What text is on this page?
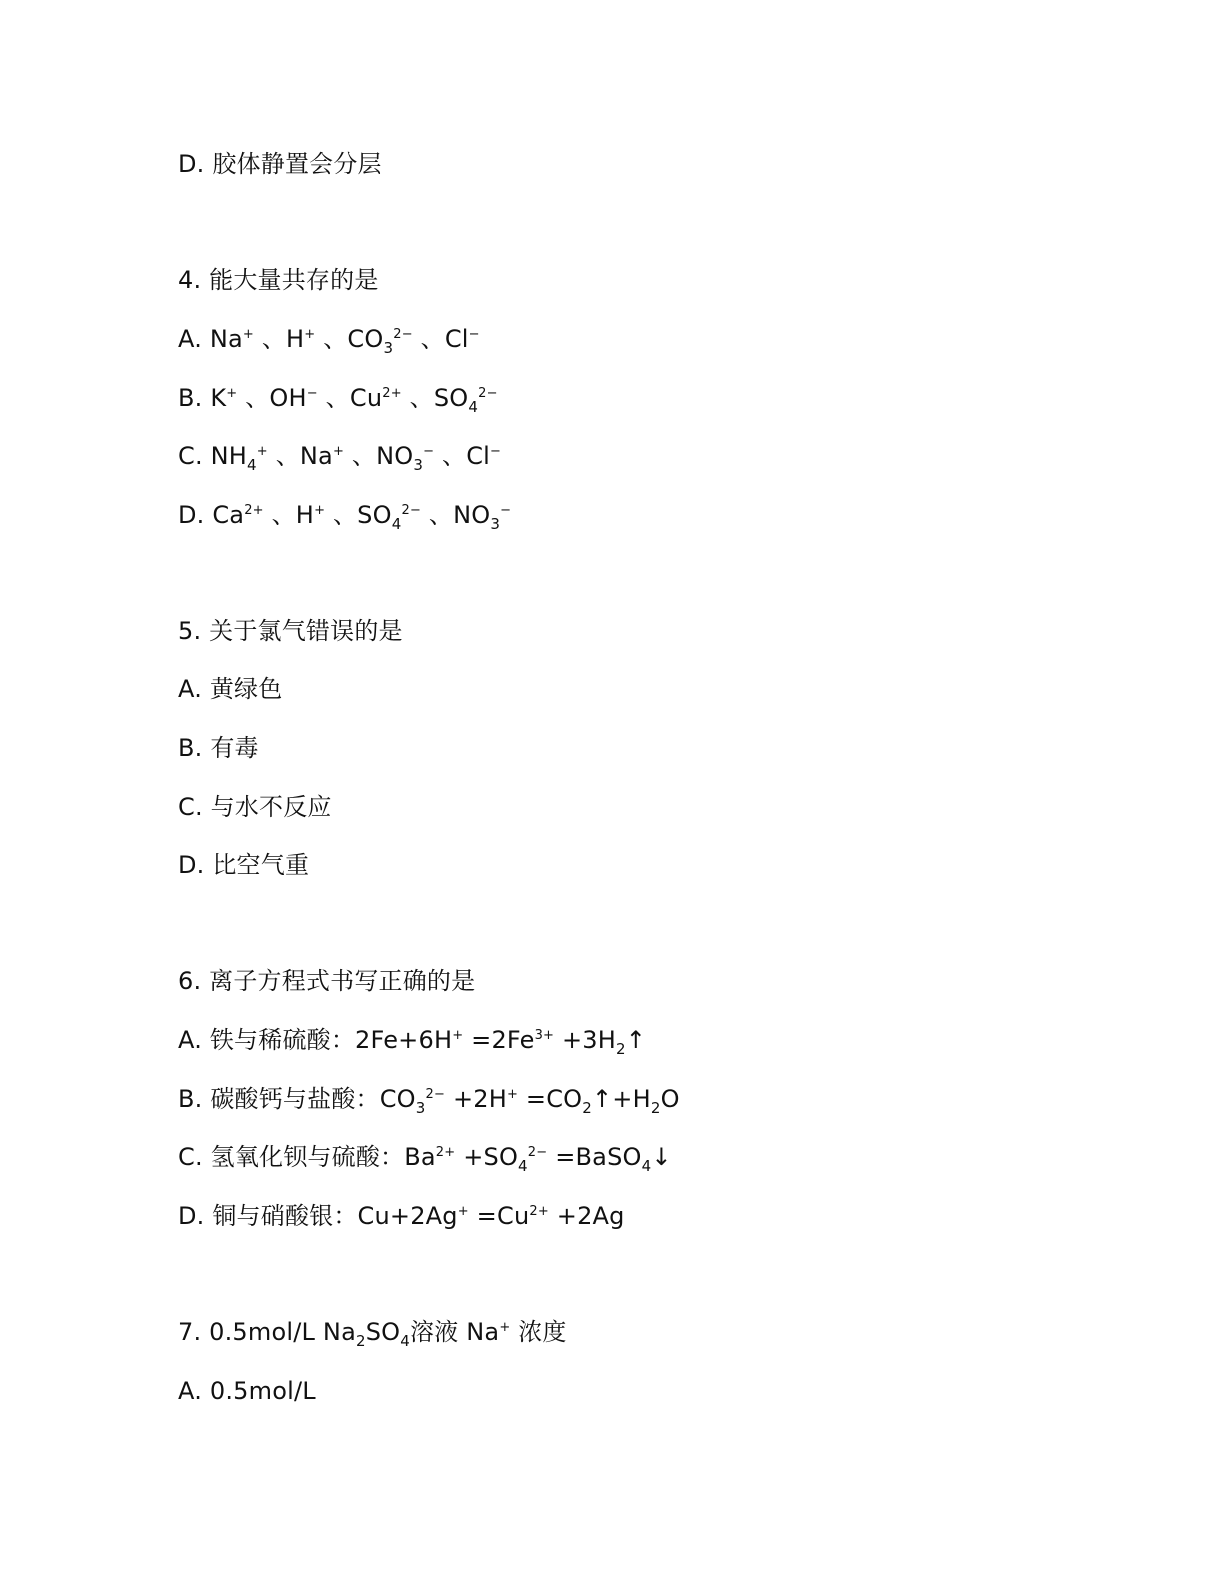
D. 胶体静置会分层
4. 能大量共存的是
A. Na+ 、H+ 、$CO_3^{2-}$ 、Cl−
B. K+ 、OH− 、$Cu^{2+}$ 、$SO_4^{2-}$
C. $NH_4^+$ 、Na+ 、$NO_3^-$ 、Cl−
D. $Ca^{2+}$ 、H+ 、$SO_4^{2-}$ 、$NO_3^-$
5. 关于氯气错误的是
A. 黄绿色
B. 有毒
C. 与水不反应
D. 比空气重
6. 离子方程式书写正确的是
A. 铁与稀硫酸：$2Fe+6H^+ =2Fe^{3+}$ $+3H_2↑$
B. 碳酸钙与盐酸：$CO_3^{2-} +2H^+$ $=CO_2↑+H_2O$
C. 氢氧化钡与硫酸：$Ba^{2+} +SO_4^{2-}$ =BaSO$_4$↓
D. 铜与硝酸银：$Cu+2Ag^+ =Cu^{2+} +2Ag$
7. 0.5mol/L $Na_2SO_4$溶液 Na+ 浓度
A. 0.5mol/L
